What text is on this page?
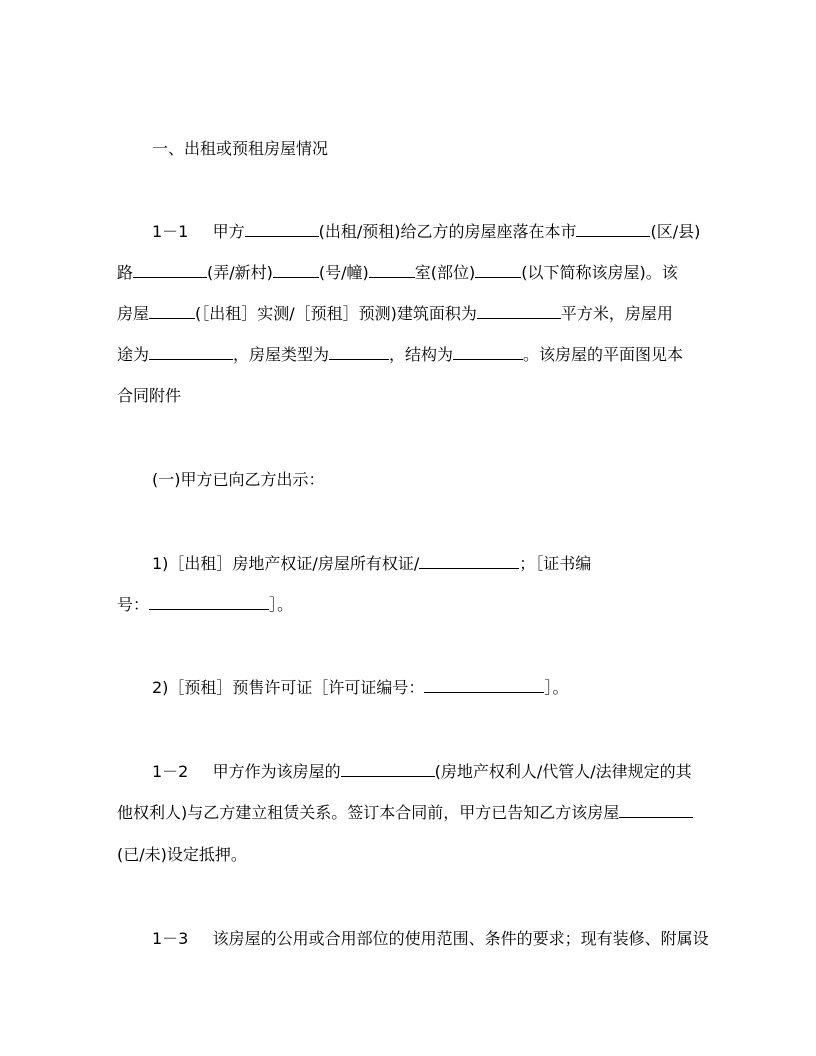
一、出租或预租房屋情况
1－1 甲方	(出租/预租)给乙方的房屋座落在本市	(区/县)
路	(弄/新村)	(号/幢)	室(部位)	(以下简称该房屋)。该
房屋	(［出租］实测/［预租］预测)建筑面积为	平方米，房屋用
途为	，房屋类型为	，结构为	。该房屋的平面图见本
合同附件
(一)甲方已向乙方出示：
1)［出租］房地产权证/房屋所有权证/	；［证书编
号：	］。
2)［预租］预售许可证［许可证编号：	］。
1－2 甲方作为该房屋的	(房地产权利人/代管人/法律规定的其
他权利人)与乙方建立租赁关系。签订本合同前，甲方已告知乙方该房屋
(已/未)设定抵押。
1－3 该房屋的公用或合用部位的使用范围、条件的要求；现有装修、附属设
